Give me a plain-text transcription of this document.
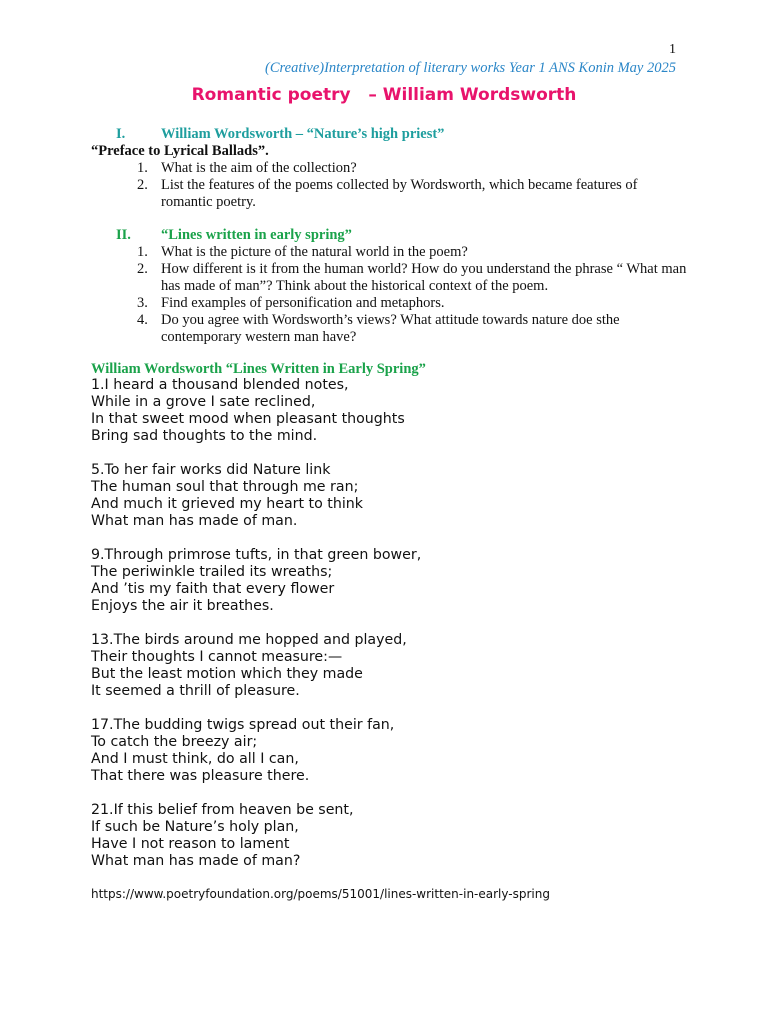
1
(Creative)Interpretation of literary works Year 1 ANS Konin May 2025
Romantic poetry   – William Wordsworth
I. William Wordsworth – “Nature’s high priest”
“Preface to Lyrical Ballads”.
1. What is the aim of the collection?
2. List the features of the poems collected by Wordsworth, which became features of romantic poetry.
II. “Lines written in early spring”
1. What is the picture of the natural world in the poem?
2. How different is it from the human world? How do you understand the phrase “ What man has made of man”? Think about the historical context of the poem.
3. Find examples of personification and metaphors.
4. Do you agree with Wordsworth’s views? What attitude towards nature doe sthe contemporary western man have?
William Wordsworth “Lines Written in Early Spring”
1.I heard a thousand blended notes,
While in a grove I sate reclined,
In that sweet mood when pleasant thoughts
Bring sad thoughts to the mind.
5.To her fair works did Nature link
The human soul that through me ran;
And much it grieved my heart to think
What man has made of man.
9.Through primrose tufts, in that green bower,
The periwinkle trailed its wreaths;
And ’tis my faith that every flower
Enjoys the air it breathes.
13.The birds around me hopped and played,
Their thoughts I cannot measure:—
But the least motion which they made
It seemed a thrill of pleasure.
17.The budding twigs spread out their fan,
To catch the breezy air;
And I must think, do all I can,
That there was pleasure there.
21.If this belief from heaven be sent,
If such be Nature’s holy plan,
Have I not reason to lament
What man has made of man?
https://www.poetryfoundation.org/poems/51001/lines-written-in-early-spring
